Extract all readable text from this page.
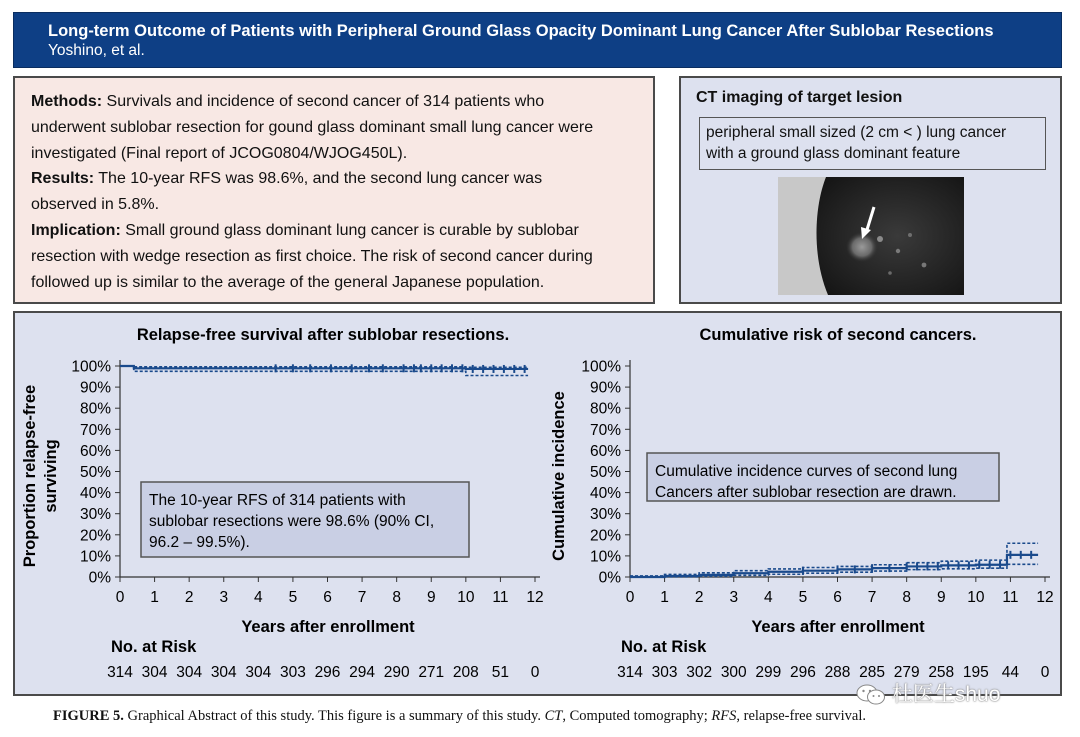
Long-term Outcome of Patients with Peripheral Ground Glass Opacity Dominant Lung Cancer After Sublobar Resections
Yoshino, et al.

Methods: Survivals and incidence of second cancer of 314 patients who

underwent sublobar resection for gound glass dominant small lung cancer were

investigated (Final report of JCOG0804/WJOG450L).

Results: The 10-year RFS was 98.6%, and the second lung cancer was

observed in 5.8%.

Implication: Small ground glass dominant lung cancer is curable by sublobar

resection with wedge resection as first choice. The risk of second cancer during

followed up is similar to the average of the general Japanese population.

CT imaging of target lesion
peripheral small sized (2 cm < ) lung cancer
with a ground glass dominant feature
Relapse-free survival after sublobar resections.	Cumulative risk of second cancers.
Years after enrollment	Years after enrollment
Proportion relapse-free surviving	Cumulative incidence
No. at Risk	No. at Risk
0%
10%
20%
30%
40%
50%
60%
70%
80%
90%
100%
0 1 2 3 4 5 6 7 8 9 10 11 12
The 10-year RFS of 314 patients with
sublobar resections were 98.6% (90% CI,
96.2 – 99.5%).
314 304 304 304 304 303 296 294 290 271 208 51 0
0%
10%
20%
30%
40%
50%
60%
70%
80%
90%
100%
0 1 2 3 4 5 6 7 8 9 10 11 12
Cumulative incidence curves of second lung
Cancers after sublobar resection are drawn.
314 303 302 300 299 296 288 285 279 258 195 44 0
FIGURE 5. Graphical Abstract of this study. This figure is a summary of this study. CT, Computed tomography; RFS, relapse-free survival.
杜医生shuo
